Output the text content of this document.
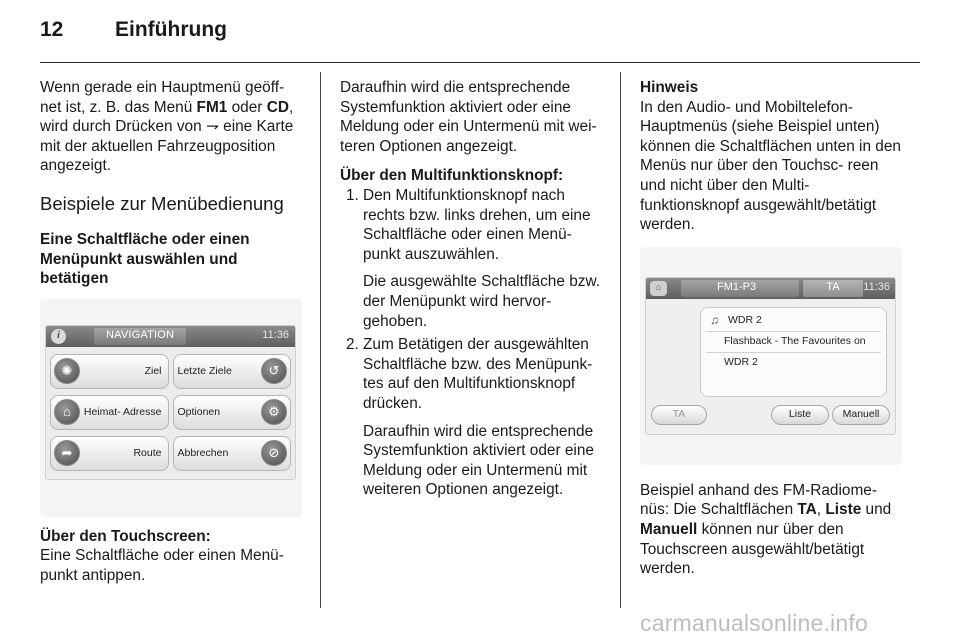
12	Einführung

Wenn gerade ein Hauptmenü geöff- net ist, z. B. das Menü FM1 oder CD, wird durch Drücken von ⇁ eine Karte mit der aktuellen Fahrzeugposition angezeigt.

Beispiele zur Menübedienung

Eine Schaltfläche oder einen Menüpunkt auswählen und betätigen

i	NAVIGATION	11:36
✺	Ziel	Letzte Ziele	↺
⌂	Heimat- Adresse	Optionen	⚙
➦	Route	Abbrechen	⊘

Über den Touchscreen:

Eine Schaltfläche oder einen Menü- punkt antippen.

Daraufhin wird die entsprechende Systemfunktion aktiviert oder eine Meldung oder ein Untermenü mit wei- teren Optionen angezeigt.

Über den Multifunktionsknopf:

1. Den Multifunktionsknopf nach rechts bzw. links drehen, um eine Schaltfläche oder einen Menü- punkt auszuwählen.

Die ausgewählte Schaltfläche bzw. der Menüpunkt wird hervor- gehoben.

2. Zum Betätigen der ausgewählten Schaltfläche bzw. des Menüpunk- tes auf den Multifunktionsknopf drücken.

Daraufhin wird die entsprechende Systemfunktion aktiviert oder eine Meldung oder ein Untermenü mit weiteren Optionen angezeigt.

Hinweis

In den Audio- und Mobiltelefon- Hauptmenüs (siehe Beispiel unten) können die Schaltflächen unten in den Menüs nur über den Touchsc- reen und nicht über den Multi- funktionsknopf ausgewählt/betätigt werden.

⌂	FM1-P3	TA	11:36
♫ WDR 2
Flashback - The Favourites on
WDR 2
TA	Liste	Manuell

Beispiel anhand des FM-Radiome- nüs: Die Schaltflächen TA, Liste und Manuell können nur über den Touchscreen ausgewählt/betätigt werden.

carmanualsonline.info
